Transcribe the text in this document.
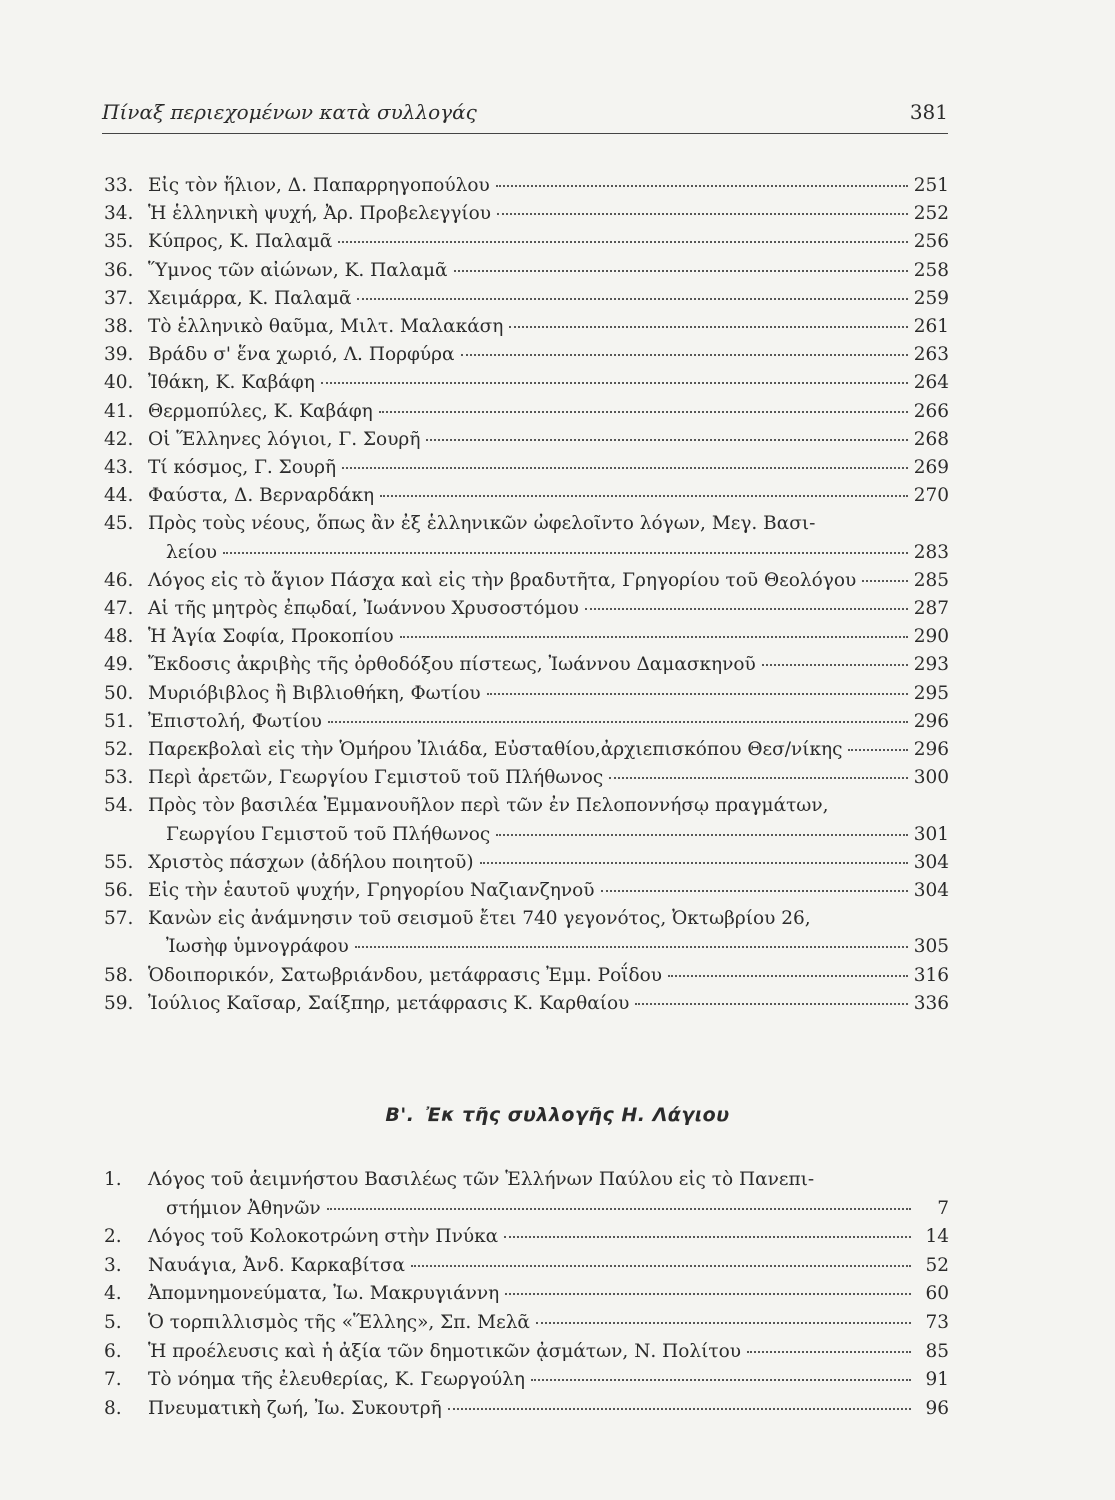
Πίναξ περιεχομένων κατὰ συλλογάς	381
33. Εἰς τὸν ἥλιον, Δ. Παπαρρηγοπούλου	251
34. Ἡ ἑλληνικὴ ψυχή, Ἀρ. Προβελεγγίου	252
35. Κύπρος, Κ. Παλαμᾶ	256
36. Ὕμνος τῶν αἰώνων, Κ. Παλαμᾶ	258
37. Χειμάρρα, Κ. Παλαμᾶ	259
38. Τὸ ἑλληνικὸ θαῦμα, Μιλτ. Μαλακάση	261
39. Βράδυ σ' ἕνα χωριό, Λ. Πορφύρα	263
40. Ἰθάκη, Κ. Καβάφη	264
41. Θερμοπύλες, Κ. Καβάφη	266
42. Οἱ Ἕλληνες λόγιοι, Γ. Σουρῆ	268
43. Τί κόσμος, Γ. Σουρῆ	269
44. Φαύστα, Δ. Βερναρδάκη	270
45. Πρὸς τοὺς νέους, ὅπως ἂν ἐξ ἑλληνικῶν ὠφελοῖντο λόγων, Μεγ. Βασι-
λείου	283
46. Λόγος εἰς τὸ ἅγιον Πάσχα καὶ εἰς τὴν βραδυτῆτα, Γρηγορίου τοῦ Θεολόγου	285
47. Αἱ τῆς μητρὸς ἐπῳδαί, Ἰωάννου Χρυσοστόμου	287
48. Ἡ Ἁγία Σοφία, Προκοπίου	290
49. Ἔκδοσις ἀκριβὴς τῆς ὀρθοδόξου πίστεως, Ἰωάννου Δαμασκηνοῦ	293
50. Μυριόβιβλος ἢ Βιβλιοθήκη, Φωτίου	295
51. Ἐπιστολή, Φωτίου	296
52. Παρεκβολαὶ εἰς τὴν Ὁμήρου Ἰλιάδα, Εὐσταθίου,ἀρχιεπισκόπου Θεσ/νίκης	296
53. Περὶ ἀρετῶν, Γεωργίου Γεμιστοῦ τοῦ Πλήθωνος	300
54. Πρὸς τὸν βασιλέα Ἐμμανουῆλον περὶ τῶν ἐν Πελοποννήσῳ πραγμάτων,
Γεωργίου Γεμιστοῦ τοῦ Πλήθωνος	301
55. Χριστὸς πάσχων (ἀδήλου ποιητοῦ)	304
56. Εἰς τὴν ἑαυτοῦ ψυχήν, Γρηγορίου Ναζιανζηνοῦ	304
57. Κανὼν εἰς ἀνάμνησιν τοῦ σεισμοῦ ἔτει 740 γεγονότος, Ὀκτωβρίου 26,
Ἰωσὴφ ὑμνογράφου	305
58. Ὁδοιπορικόν, Σατωβριάνδου, μετάφρασις Ἐμμ. Ροΐδου	316
59. Ἰούλιος Καῖσαρ, Σαίξπηρ, μετάφρασις Κ. Καρθαίου	336
Β'. Ἐκ τῆς συλλογῆς Η. Λάγιου
1.	Λόγος τοῦ ἀειμνήστου Βασιλέως τῶν Ἑλλήνων Παύλου εἰς τὸ Πανεπι-
στήμιον Ἀθηνῶν	7
2.	Λόγος τοῦ Κολοκοτρώνη στὴν Πνύκα	14
3.	Ναυάγια, Ἀνδ. Καρκαβίτσα	52
4.	Ἀπομνημονεύματα, Ἰω. Μακρυγιάννη	60
5.	Ὁ τορπιλλισμὸς τῆς «Ἕλλης», Σπ. Μελᾶ	73
6.	Ἡ προέλευσις καὶ ἡ ἀξία τῶν δημοτικῶν ᾀσμάτων, Ν. Πολίτου	85
7.	Τὸ νόημα τῆς ἐλευθερίας, Κ. Γεωργούλη	91
8.	Πνευματικὴ ζωή, Ἰω. Συκουτρῆ	96
